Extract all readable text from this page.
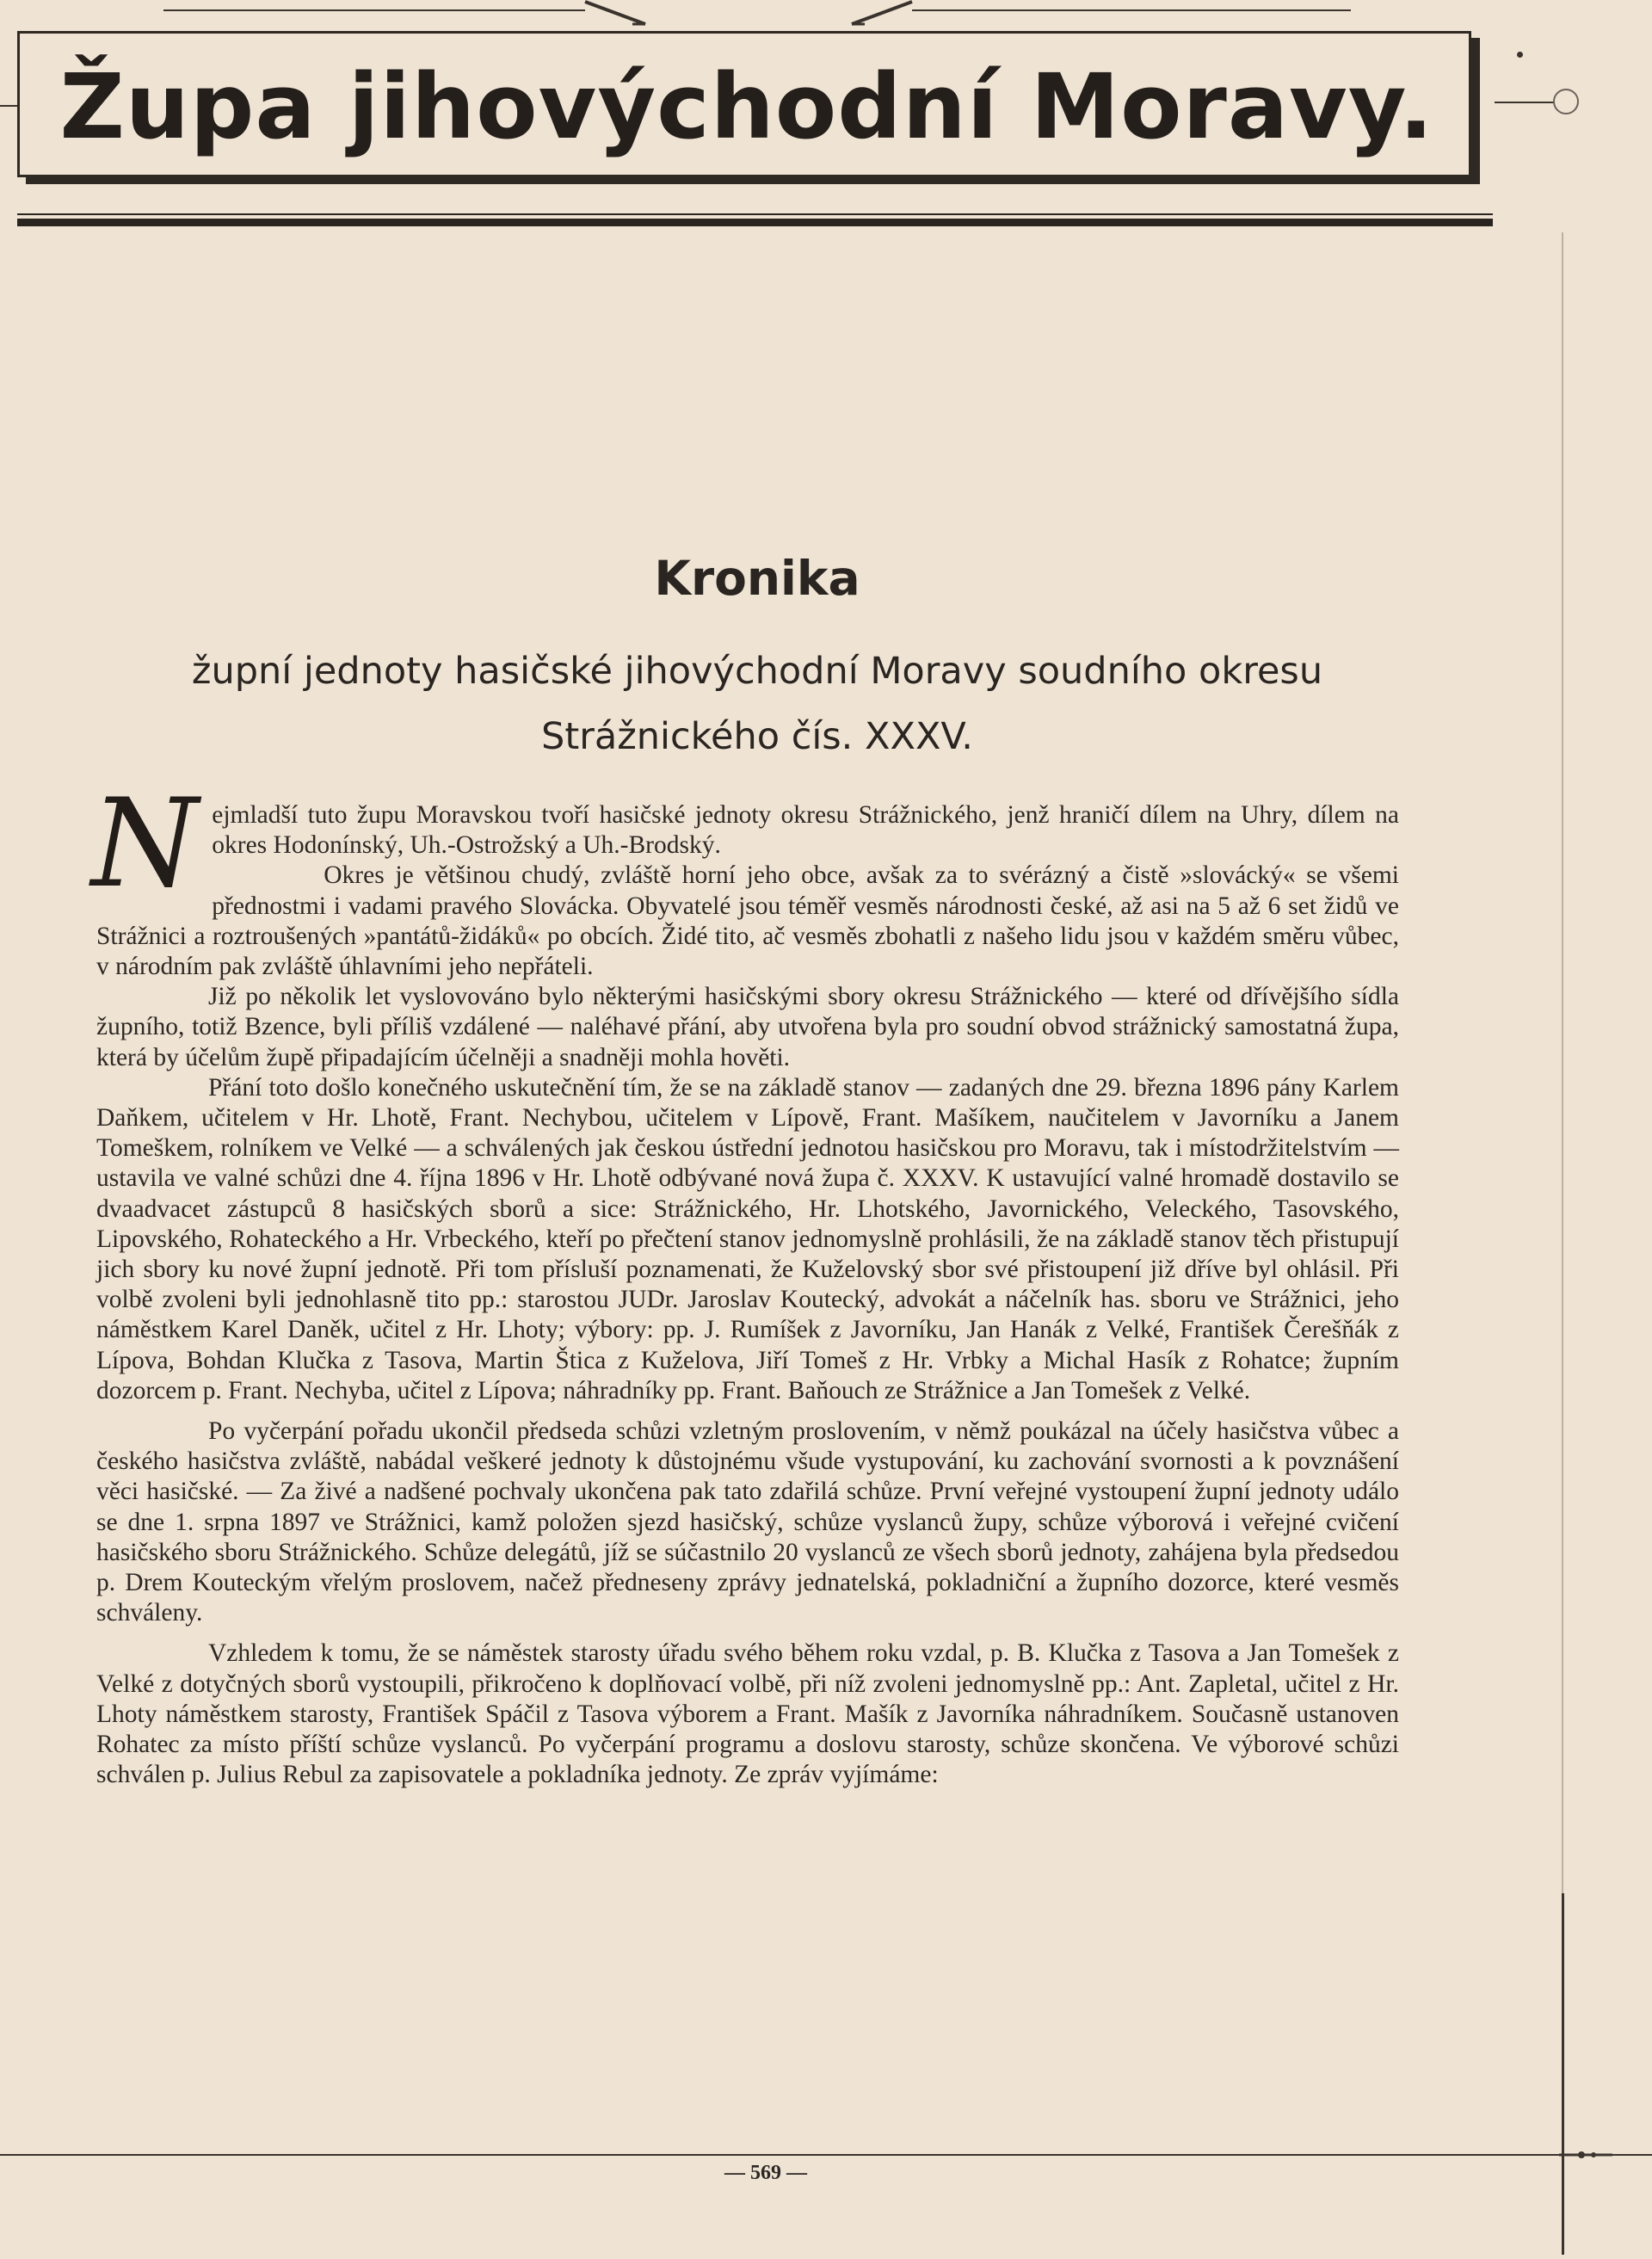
Župa jihovýchodní Moravy.
Kronika
župní jednoty hasičské jihovýchodní Moravy soudního okresu Strážnického čís. XXXV.

Nejmladší tuto župu Moravskou tvoří hasičské jednoty okresu Strážnického, jenž hraničí dílem na Uhry, dílem na okres Hodonínský, Uh.-Ostrožský a Uh.-Brodský.

Okres je většinou chudý, zvláště horní jeho obce, avšak za to svérázný a čistě »slovácký« se všemi přednostmi i vadami pravého Slovácka. Obyvatelé jsou téměř vesměs národnosti české, až asi na 5 až 6 set židů ve Strážnici a roztroušených »pantátů-židáků« po obcích. Židé tito, ač vesměs zbohatli z našeho lidu jsou v každém směru vůbec, v národním pak zvláště úhlavními jeho nepřáteli.

Již po několik let vyslovováno bylo některými hasičskými sbory okresu Strážnického — které od dřívějšího sídla župního, totiž Bzence, byli příliš vzdálené — naléhavé přání, aby utvořena byla pro soudní obvod strážnický samostatná župa, která by účelům župě připadajícím účelněji a snadněji mohla hověti.

Přání toto došlo konečného uskutečnění tím, že se na základě stanov — zadaných dne 29. března 1896 pány Karlem Daňkem, učitelem v Hr. Lhotě, Frant. Nechybou, učitelem v Lípově, Frant. Mašíkem, naučitelem v Javorníku a Janem Tomeškem, rolníkem ve Velké — a schválených jak českou ústřední jednotou hasičskou pro Moravu, tak i místodržitelstvím — ustavila ve valné schůzi dne 4. října 1896 v Hr. Lhotě odbývané nová župa č. XXXV. K ustavující valné hromadě dostavilo se dvaadvacet zástupců 8 hasičských sborů a sice: Strážnického, Hr. Lhotského, Javornického, Veleckého, Tasovského, Lipovského, Rohateckého a Hr. Vrbeckého, kteří po přečtení stanov jednomyslně prohlásili, že na základě stanov těch přistupují jich sbory ku nové župní jednotě. Při tom přísluší poznamenati, že Kuželovský sbor své přistoupení již dříve byl ohlásil. Při volbě zvoleni byli jednohlasně tito pp.: starostou JUDr. Jaroslav Koutecký, advokát a náčelník has. sboru ve Strážnici, jeho náměstkem Karel Daněk, učitel z Hr. Lhoty; výbory: pp. J. Rumíšek z Javorníku, Jan Hanák z Velké, František Čerešňák z Lípova, Bohdan Klučka z Tasova, Martin Štica z Kuželova, Jiří Tomeš z Hr. Vrbky a Michal Hasík z Rohatce; župním dozorcem p. Frant. Nechyba, učitel z Lípova; náhradníky pp. Frant. Baňouch ze Strážnice a Jan Tomešek z Velké.

Po vyčerpání pořadu ukončil předseda schůzi vzletným proslovením, v němž poukázal na účely hasičstva vůbec a českého hasičstva zvláště, nabádal veškeré jednoty k důstojnému všude vystupování, ku zachování svornosti a k povznášení věci hasičské. — Za živé a nadšené pochvaly ukončena pak tato zdařilá schůze. První veřejné vystoupení župní jednoty událo se dne 1. srpna 1897 ve Strážnici, kamž položen sjezd hasičský, schůze vyslanců župy, schůze výborová i veřejné cvičení hasičského sboru Strážnického. Schůze delegátů, jíž se súčastnilo 20 vyslanců ze všech sborů jednoty, zahájena byla předsedou p. Drem Kouteckým vřelým proslovem, načež předneseny zprávy jednatelská, pokladniční a župního dozorce, které vesměs schváleny.

Vzhledem k tomu, že se náměstek starosty úřadu svého během roku vzdal, p. B. Klučka z Tasova a Jan Tomešek z Velké z dotyčných sborů vystoupili, přikročeno k doplňovací volbě, při níž zvoleni jednomyslně pp.: Ant. Zapletal, učitel z Hr. Lhoty náměstkem starosty, František Spáčil z Tasova výborem a Frant. Mašík z Javorníka náhradníkem. Současně ustanoven Rohatec za místo příští schůze vyslanců. Po vyčerpání programu a doslovu starosty, schůze skončena. Ve výborové schůzi schválen p. Julius Rebul za zapisovatele a pokladníka jednoty. Ze zpráv vyjímáme:

— 569 —
